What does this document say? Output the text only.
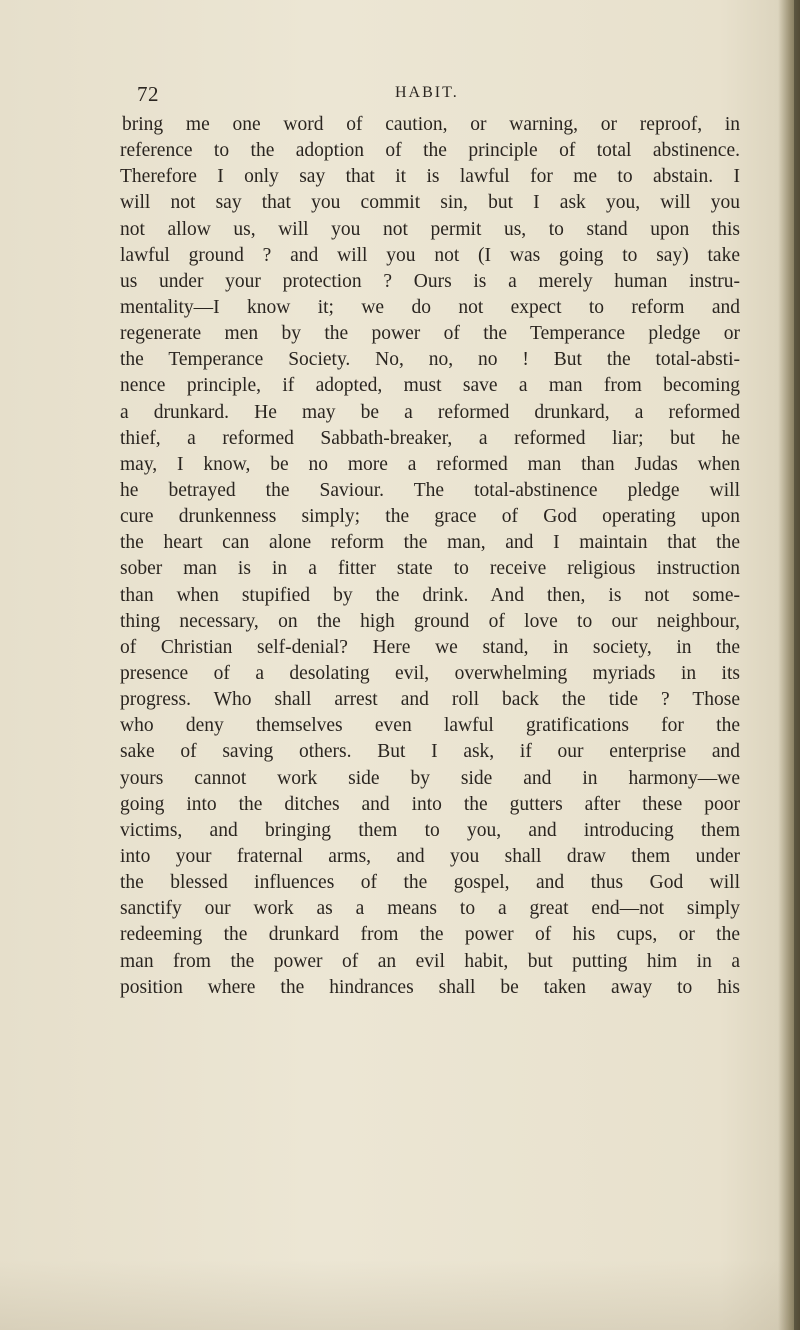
72	HABIT.
bring me one word of caution, or warning, or reproof, in
reference to the adoption of the principle of total abstinence.
Therefore I only say that it is lawful for me to abstain. I
will not say that you commit sin, but I ask you, will you
not allow us, will you not permit us, to stand upon this
lawful ground ? and will you not (I was going to say) take
us under your protection ? Ours is a merely human instru-
mentality—I know it; we do not expect to reform and
regenerate men by the power of the Temperance pledge or
the Temperance Society. No, no, no ! But the total-absti-
nence principle, if adopted, must save a man from becoming
a drunkard. He may be a reformed drunkard, a reformed
thief, a reformed Sabbath-breaker, a reformed liar; but he
may, I know, be no more a reformed man than Judas when
he betrayed the Saviour. The total-abstinence pledge will
cure drunkenness simply; the grace of God operating upon
the heart can alone reform the man, and I maintain that the
sober man is in a fitter state to receive religious instruction
than when stupified by the drink. And then, is not some-
thing necessary, on the high ground of love to our neighbour,
of Christian self-denial? Here we stand, in society, in the
presence of a desolating evil, overwhelming myriads in its
progress. Who shall arrest and roll back the tide ? Those
who deny themselves even lawful gratifications for the
sake of saving others. But I ask, if our enterprise and
yours cannot work side by side and in harmony—we
going into the ditches and into the gutters after these poor
victims, and bringing them to you, and introducing them
into your fraternal arms, and you shall draw them under
the blessed influences of the gospel, and thus God will
sanctify our work as a means to a great end—not simply
redeeming the drunkard from the power of his cups, or the
man from the power of an evil habit, but putting him in a
position where the hindrances shall be taken away to his
